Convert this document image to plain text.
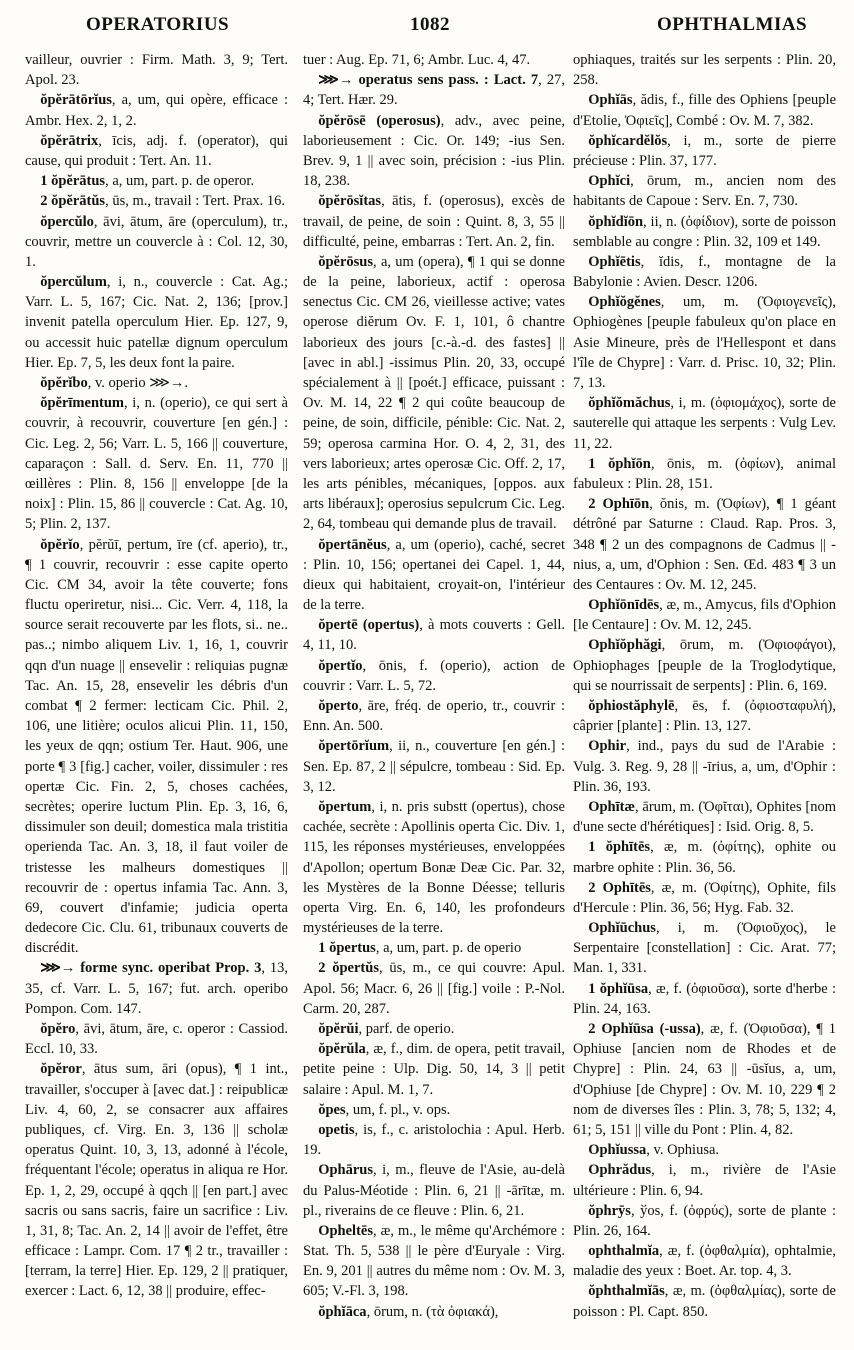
OPERATORIUS	1082	OPHTHALMIAS

vailleur, ouvrier : Firm. Math. 3, 9; Tert. Apol. 23.

ŏpĕrātōrĭus, a, um, qui opère, efficace : Ambr. Hex. 2, 1, 2.

ŏpĕrātrix, īcis, adj. f. (operator), qui cause, qui produit : Tert. An. 11.

1 ŏpĕrātus, a, um, part. p. de operor.

2 ŏpĕrātŭs, ūs, m., travail : Tert. Prax. 16.

ŏpercŭlo, āvi, ātum, āre (operculum), tr., couvrir, mettre un couvercle à : Col. 12, 30, 1.

ŏpercŭlum, i, n., couvercle : Cat. Ag.; Varr. L. 5, 167; Cic. Nat. 2, 136; [prov.] invenit patella operculum Hier. Ep. 127, 9, ou accessit huic patellæ dignum operculum Hier. Ep. 7, 5, les deux font la paire.

ŏpĕrĭbo, v. operio ⋙→.

ŏpĕrīmentum, i, n. (operio), ce qui sert à couvrir, à recouvrir, couverture [en gén.] : Cic. Leg. 2, 56; Varr. L. 5, 166 || couverture, caparaçon : Sall. d. Serv. En. 11, 770 || œillères : Plin. 8, 156 || enveloppe [de la noix] : Plin. 15, 86 || couvercle : Cat. Ag. 10, 5; Plin. 2, 137.

ŏpĕrĭo, pĕrŭī, pertum, īre (cf. aperio), tr., ¶ 1 couvrir, recouvrir : esse capite operto Cic. CM 34, avoir la tête couverte; fons fluctu operiretur, nisi... Cic. Verr. 4, 118, la source serait recouverte par les flots, si.. ne.. pas..; nimbo aliquem Liv. 1, 16, 1, couvrir qqn d'un nuage || ensevelir : reliquias pugnæ Tac. An. 15, 28, ensevelir les débris d'un combat ¶ 2 fermer: lecticam Cic. Phil. 2, 106, une litière; oculos alicui Plin. 11, 150, les yeux de qqn; ostium Ter. Haut. 906, une porte ¶ 3 [fig.] cacher, voiler, dissimuler : res opertæ Cic. Fin. 2, 5, choses cachées, secrètes; operire luctum Plin. Ep. 3, 16, 6, dissimuler son deuil; domestica mala tristitia operienda Tac. An. 3, 18, il faut voiler de tristesse les malheurs domestiques || recouvrir de : opertus infamia Tac. Ann. 3, 69, couvert d'infamie; judicia operta dedecore Cic. Clu. 61, tribunaux couverts de discrédit.

⋙→ forme sync. operibat Prop. 3, 13, 35, cf. Varr. L. 5, 167; fut. arch. operibo Pompon. Com. 147.

ŏpĕro, āvi, ātum, āre, c. operor : Cassiod. Eccl. 10, 33.

ŏpĕror, ātus sum, āri (opus), ¶ 1 int., travailler, s'occuper à [avec dat.] : reipublicæ Liv. 4, 60, 2, se consacrer aux affaires publiques, cf. Virg. En. 3, 136 || scholæ operatus Quint. 10, 3, 13, adonné à l'école, fréquentant l'école; operatus in aliqua re Hor. Ep. 1, 2, 29, occupé à qqch || [en part.] avec sacris ou sans sacris, faire un sacrifice : Liv. 1, 31, 8; Tac. An. 2, 14 || avoir de l'effet, être efficace : Lampr. Com. 17 ¶ 2 tr., travailler : [terram, la terre] Hier. Ep. 129, 2 || pratiquer, exercer : Lact. 6, 12, 38 || produire, effec-

tuer : Aug. Ep. 71, 6; Ambr. Luc. 4, 47.

⋙→ operatus sens pass. : Lact. 7, 27, 4; Tert. Hær. 29.

ŏpĕrōsē (operosus), adv., avec peine, laborieusement : Cic. Or. 149; -ius Sen. Brev. 9, 1 || avec soin, précision : -ius Plin. 18, 238.

ŏpĕrōsĭtas, ātis, f. (operosus), excès de travail, de peine, de soin : Quint. 8, 3, 55 || difficulté, peine, embarras : Tert. An. 2, fin.

ŏpĕrōsus, a, um (opera), ¶ 1 qui se donne de la peine, laborieux, actif : operosa senectus Cic. CM 26, vieillesse active; vates operose diĕrum Ov. F. 1, 101, ô chantre laborieux des jours [c.-à.-d. des fastes] || [avec in abl.] -issimus Plin. 20, 33, occupé spécialement à || [poét.] efficace, puissant : Ov. M. 14, 22 ¶ 2 qui coûte beaucoup de peine, de soin, difficile, pénible: Cic. Nat. 2, 59; operosa carmina Hor. O. 4, 2, 31, des vers laborieux; artes operosæ Cic. Off. 2, 17, les arts pénibles, mécaniques, [oppos. aux arts libéraux]; operosius sepulcrum Cic. Leg. 2, 64, tombeau qui demande plus de travail.

ŏpertānĕus, a, um (operio), caché, secret : Plin. 10, 156; opertanei dei Capel. 1, 44, dieux qui habitaient, croyait-on, l'intérieur de la terre.

ŏpertē (opertus), à mots couverts : Gell. 4, 11, 10.

ŏpertĭo, ōnis, f. (operio), action de couvrir : Varr. L. 5, 72.

ŏperto, āre, fréq. de operio, tr., couvrir : Enn. An. 500.

ŏpertōrĭum, ii, n., couverture [en gén.] : Sen. Ep. 87, 2 || sépulcre, tombeau : Sid. Ep. 3, 12.

ŏpertum, i, n. pris substt (opertus), chose cachée, secrète : Apollinis operta Cic. Div. 1, 115, les réponses mystérieuses, enveloppées d'Apollon; opertum Bonæ Deæ Cic. Par. 32, les Mystères de la Bonne Déesse; telluris operta Virg. En. 6, 140, les profondeurs mystérieuses de la terre.

1 ŏpertus, a, um, part. p. de operio

2 ŏpertŭs, ūs, m., ce qui couvre: Apul. Apol. 56; Macr. 6, 26 || [fig.] voile : P.-Nol. Carm. 20, 287.

ŏpĕrŭi, parf. de operio.

ŏpĕrŭla, æ, f., dim. de opera, petit travail, petite peine : Ulp. Dig. 50, 14, 3 || petit salaire : Apul. M. 1, 7.

ŏpes, um, f. pl., v. ops.

opetis, is, f., c. aristolochia : Apul. Herb. 19.

Ophārus, i, m., fleuve de l'Asie, au-delà du Palus-Méotide : Plin. 6, 21 || -ārītæ, m. pl., riverains de ce fleuve : Plin. 6, 21.

Opheltēs, æ, m., le même qu'Archémore : Stat. Th. 5, 538 || le père d'Euryale : Virg. En. 9, 201 || autres du même nom : Ov. M. 3, 605; V.-Fl. 3, 198.

ŏphĭāca, ōrum, n. (τὰ ὀφιακά),

ophiaques, traités sur les serpents : Plin. 20, 258.

Ophĭās, ădis, f., fille des Ophiens [peuple d'Etolie, Ὀφιεῖς], Combé : Ov. M. 7, 382.

ŏphĭcardĕlŏs, i, m., sorte de pierre précieuse : Plin. 37, 177.

Ophĭci, ōrum, m., ancien nom des habitants de Capoue : Serv. En. 7, 730.

ŏphĭdĭōn, ii, n. (ὀφίδιον), sorte de poisson semblable au congre : Plin. 32, 109 et 149.

Ophĭētis, ĭdis, f., montagne de la Babylonie : Avien. Descr. 1206.

Ophĭŏgĕnes, um, m. (Ὀφιογενεῖς), Ophiogènes [peuple fabuleux qu'on place en Asie Mineure, près de l'Hellespont et dans l'île de Chypre] : Varr. d. Prisc. 10, 32; Plin. 7, 13.

ŏphĭŏmăchus, i, m. (ὀφιομάχος), sorte de sauterelle qui attaque les serpents : Vulg Lev. 11, 22.

1 ŏphĭōn, ōnis, m. (ὀφίων), animal fabuleux : Plin. 28, 151.

2 Ophīōn, ŏnis, m. (Ὀφίων), ¶ 1 géant détrôné par Saturne : Claud. Rap. Pros. 3, 348 ¶ 2 un des compagnons de Cadmus || -nius, a, um, d'Ophion : Sen. Œd. 483 ¶ 3 un des Centaures : Ov. M. 12, 245.

Ophĭōnīdēs, æ, m., Amycus, fils d'Ophion [le Centaure] : Ov. M. 12, 245.

Ophĭŏphăgi, ōrum, m. (Ὀφιοφάγοι), Ophiophages [peuple de la Troglodytique, qui se nourrissait de serpents] : Plin. 6, 169.

ŏphiostăphylē, ēs, f. (ὀφιοσταφυλή), câprier [plante] : Plin. 13, 127.

Ophir, ind., pays du sud de l'Arabie : Vulg. 3. Reg. 9, 28 || -īrius, a, um, d'Ophir : Plin. 36, 193.

Ophītæ, ārum, m. (Ὀφῖται), Ophites [nom d'une secte d'hérétiques] : Isid. Orig. 8, 5.

1 ŏphītēs, æ, m. (ὀφίτης), ophite ou marbre ophite : Plin. 36, 56.

2 Ophītēs, æ, m. (Ὀφίτης), Ophite, fils d'Hercule : Plin. 36, 56; Hyg. Fab. 32.

Ophĭūchus, i, m. (Ὀφιοῦχος), le Serpentaire [constellation] : Cic. Arat. 77; Man. 1, 331.

1 ŏphĭūsa, æ, f. (ὀφιοῦσα), sorte d'herbe : Plin. 24, 163.

2 Ophĭūsa (-ussa), æ, f. (Ὀφιοῦσα), ¶ 1 Ophiuse [ancien nom de Rhodes et de Chypre] : Plin. 24, 63 || -ūsĭus, a, um, d'Ophiuse [de Chypre] : Ov. M. 10, 229 ¶ 2 nom de diverses îles : Plin. 3, 78; 5, 132; 4, 61; 5, 151 || ville du Pont : Plin. 4, 82.

Ophĭussa, v. Ophiusa.

Ophrădus, i, m., rivière de l'Asie ultérieure : Plin. 6, 94.

ŏphrȳs, ўos, f. (ὀφρύς), sorte de plante : Plin. 26, 164.

ophthalmĭa, æ, f. (ὀφθαλμία), ophtalmie, maladie des yeux : Boet. Ar. top. 4, 3.

ŏphthalmĭās, æ, m. (ὀφθαλμίας), sorte de poisson : Pl. Capt. 850.
